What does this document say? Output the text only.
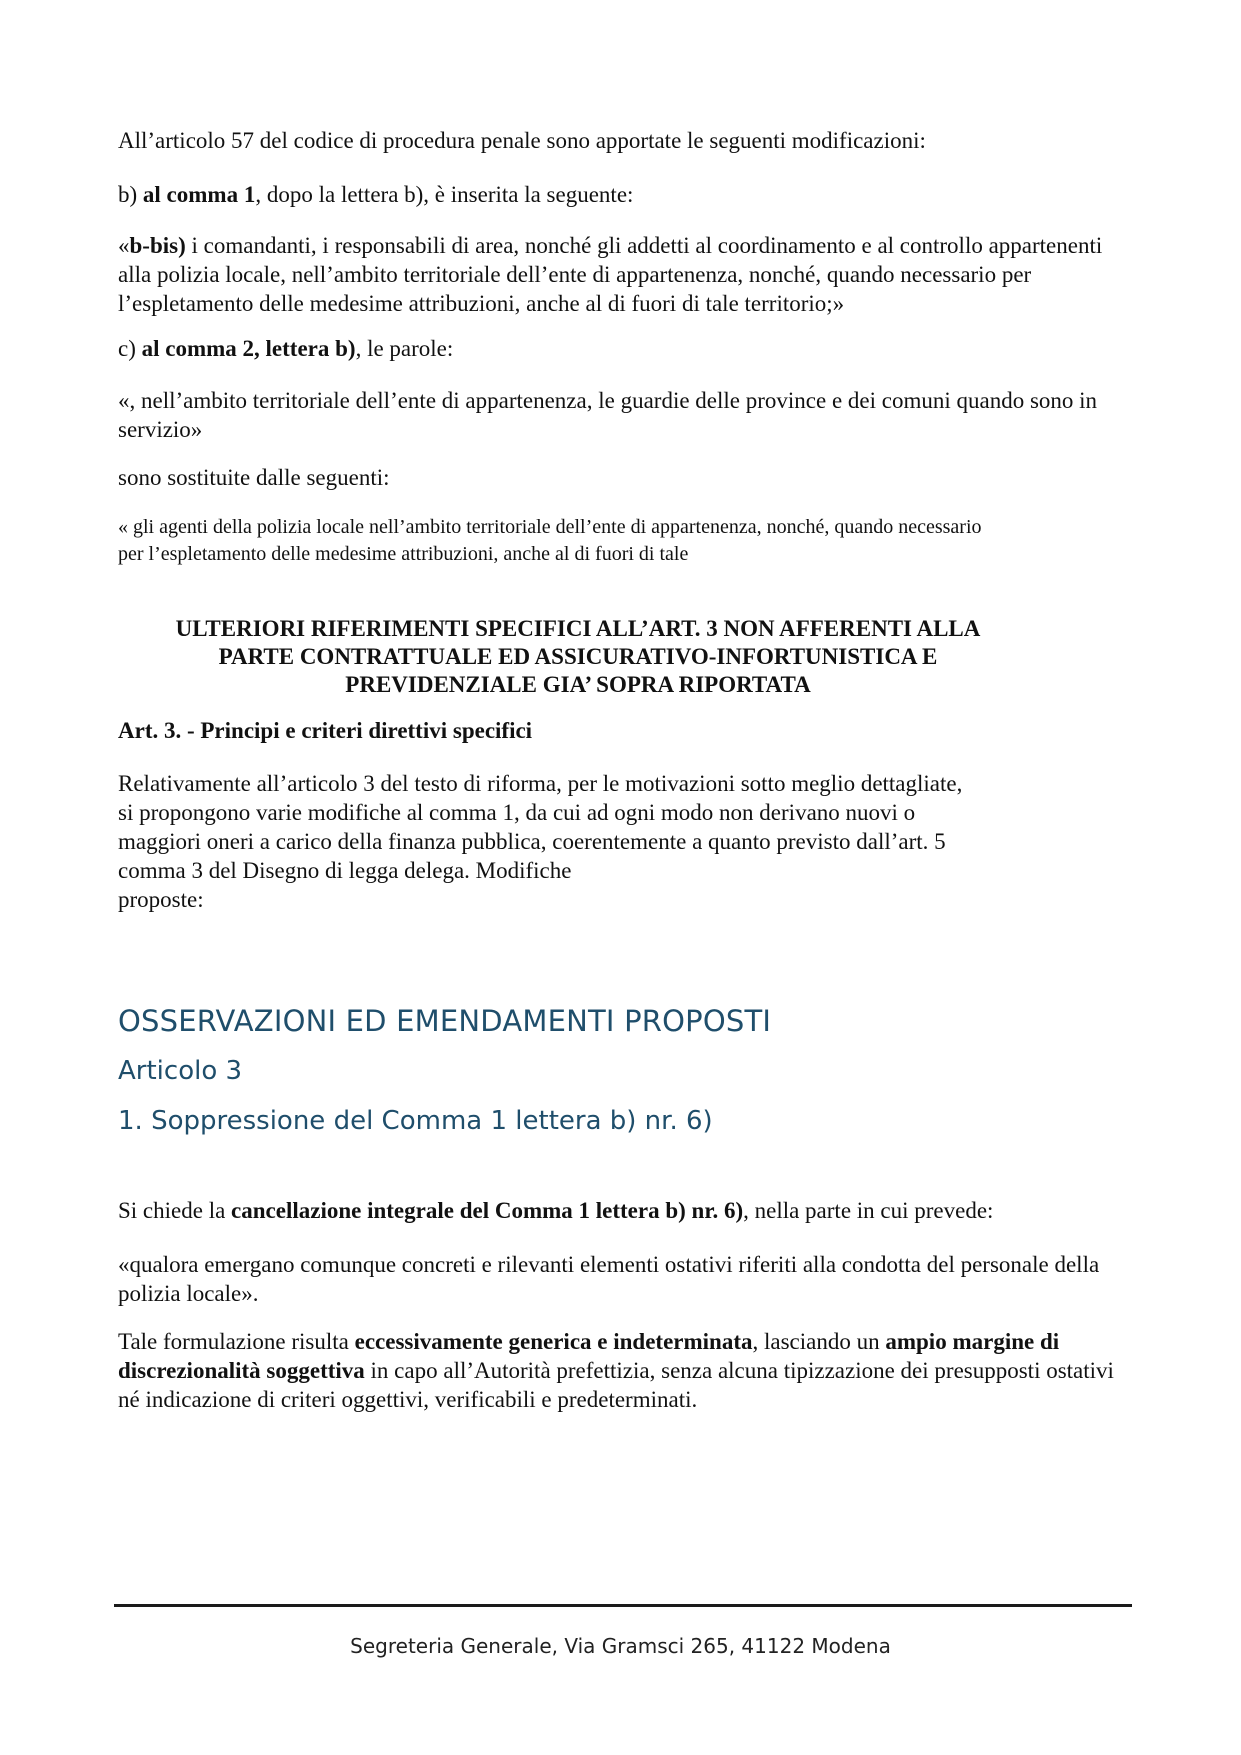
All’articolo 57 del codice di procedura penale sono apportate le seguenti modificazioni:

b) al comma 1, dopo la lettera b), è inserita la seguente:

«b-bis) i comandanti, i responsabili di area, nonché gli addetti al coordinamento e al controllo appartenenti alla polizia locale, nell’ambito territoriale dell’ente di appartenenza, nonché, quando necessario per l’espletamento delle medesime attribuzioni, anche al di fuori di tale territorio;»

c) al comma 2, lettera b), le parole:

«, nell’ambito territoriale dell’ente di appartenenza, le guardie delle province e dei comuni quando sono in servizio»

sono sostituite dalle seguenti:

« gli agenti della polizia locale nell’ambito territoriale dell’ente di appartenenza, nonché, quando necessario per l’espletamento delle medesime attribuzioni, anche al di fuori di tale

ULTERIORI RIFERIMENTI SPECIFICI ALL’ART. 3 NON AFFERENTI ALLA
PARTE CONTRATTUALE ED ASSICURATIVO-INFORTUNISTICA E
PREVIDENZIALE GIA’ SOPRA RIPORTATA

Art. 3. - Principi e criteri direttivi specifici

Relativamente all’articolo 3 del testo di riforma, per le motivazioni sotto meglio dettagliate,
si propongono varie modifiche al comma 1, da cui ad ogni modo non derivano nuovi o
maggiori oneri a carico della finanza pubblica, coerentemente a quanto previsto dall’art. 5
comma 3 del Disegno di legga delega. Modifiche
proposte:
OSSERVAZIONI ED EMENDAMENTI PROPOSTI
Articolo 3
1. Soppressione del Comma 1 lettera b) nr. 6)

Si chiede la cancellazione integrale del Comma 1 lettera b) nr. 6), nella parte in cui prevede:

«qualora emergano comunque concreti e rilevanti elementi ostativi riferiti alla condotta del personale della polizia locale».

Tale formulazione risulta eccessivamente generica e indeterminata, lasciando un ampio margine di discrezionalità soggettiva in capo all’Autorità prefettizia, senza alcuna tipizzazione dei presupposti ostativi né indicazione di criteri oggettivi, verificabili e predeterminati.

Segreteria Generale, Via Gramsci 265, 41122 Modena
